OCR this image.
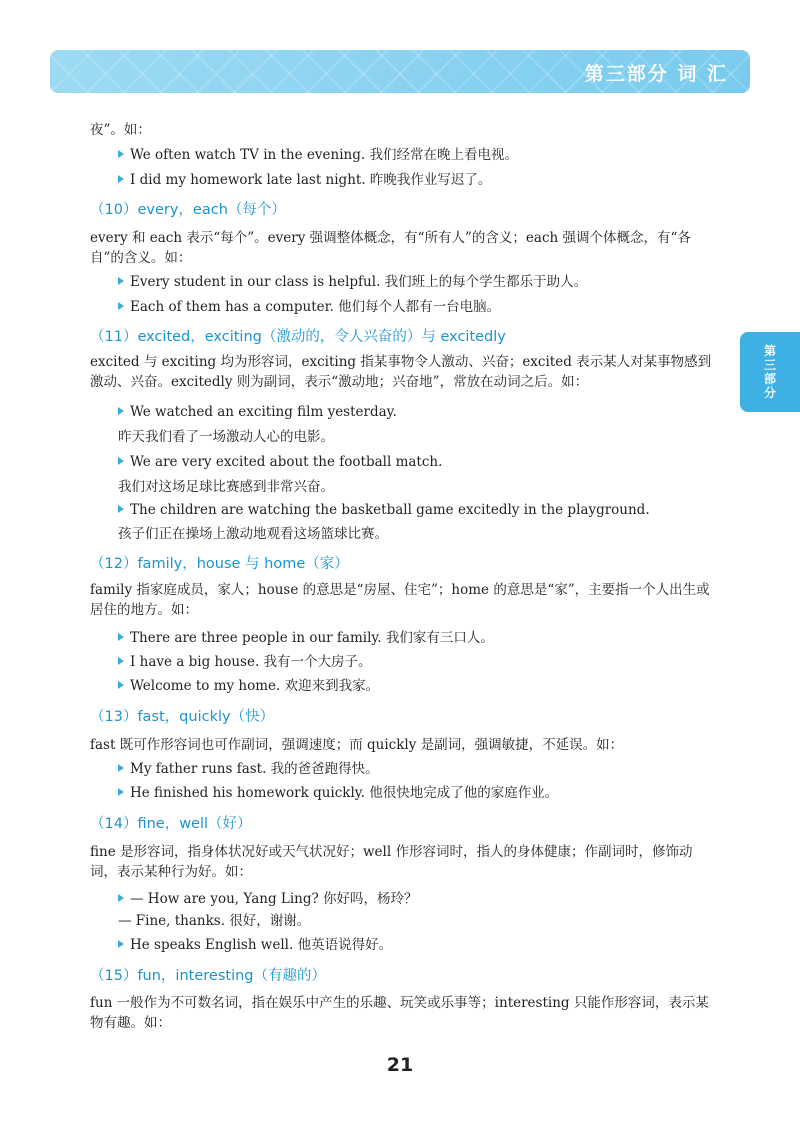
第三部分 词 汇
第三部分
夜”。如：
We often watch TV in the evening. 我们经常在晚上看电视。
I did my homework late last night. 昨晚我作业写迟了。
（10）every，each（每个）
every 和 each 表示“每个”。every 强调整体概念，有“所有人”的含义；each 强调个体概念，有“各自”的含义。如：
Every student in our class is helpful. 我们班上的每个学生都乐于助人。
Each of them has a computer. 他们每个人都有一台电脑。
（11）excited，exciting（激动的，令人兴奋的）与 excitedly
excited 与 exciting 均为形容词，exciting 指某事物令人激动、兴奋；excited 表示某人对某事物感到激动、兴奋。excitedly 则为副词，表示“激动地；兴奋地”，常放在动词之后。如：
We watched an exciting film yesterday.
昨天我们看了一场激动人心的电影。
We are very excited about the football match.
我们对这场足球比赛感到非常兴奋。
The children are watching the basketball game excitedly in the playground.
孩子们正在操场上激动地观看这场篮球比赛。
（12）family，house 与 home（家）
family 指家庭成员，家人；house 的意思是“房屋、住宅”；home 的意思是“家”，主要指一个人出生或居住的地方。如：
There are three people in our family. 我们家有三口人。
I have a big house. 我有一个大房子。
Welcome to my home. 欢迎来到我家。
（13）fast，quickly（快）
fast 既可作形容词也可作副词，强调速度；而 quickly 是副词，强调敏捷，不延误。如：
My father runs fast. 我的爸爸跑得快。
He finished his homework quickly. 他很快地完成了他的家庭作业。
（14）fine，well（好）
fine 是形容词，指身体状况好或天气状况好；well 作形容词时，指人的身体健康；作副词时，修饰动词，表示某种行为好。如：
— How are you, Yang Ling? 你好吗，杨玲？
— Fine, thanks. 很好，谢谢。
He speaks English well. 他英语说得好。
（15）fun，interesting（有趣的）
fun 一般作为不可数名词，指在娱乐中产生的乐趣、玩笑或乐事等；interesting 只能作形容词，表示某物有趣。如：
21
